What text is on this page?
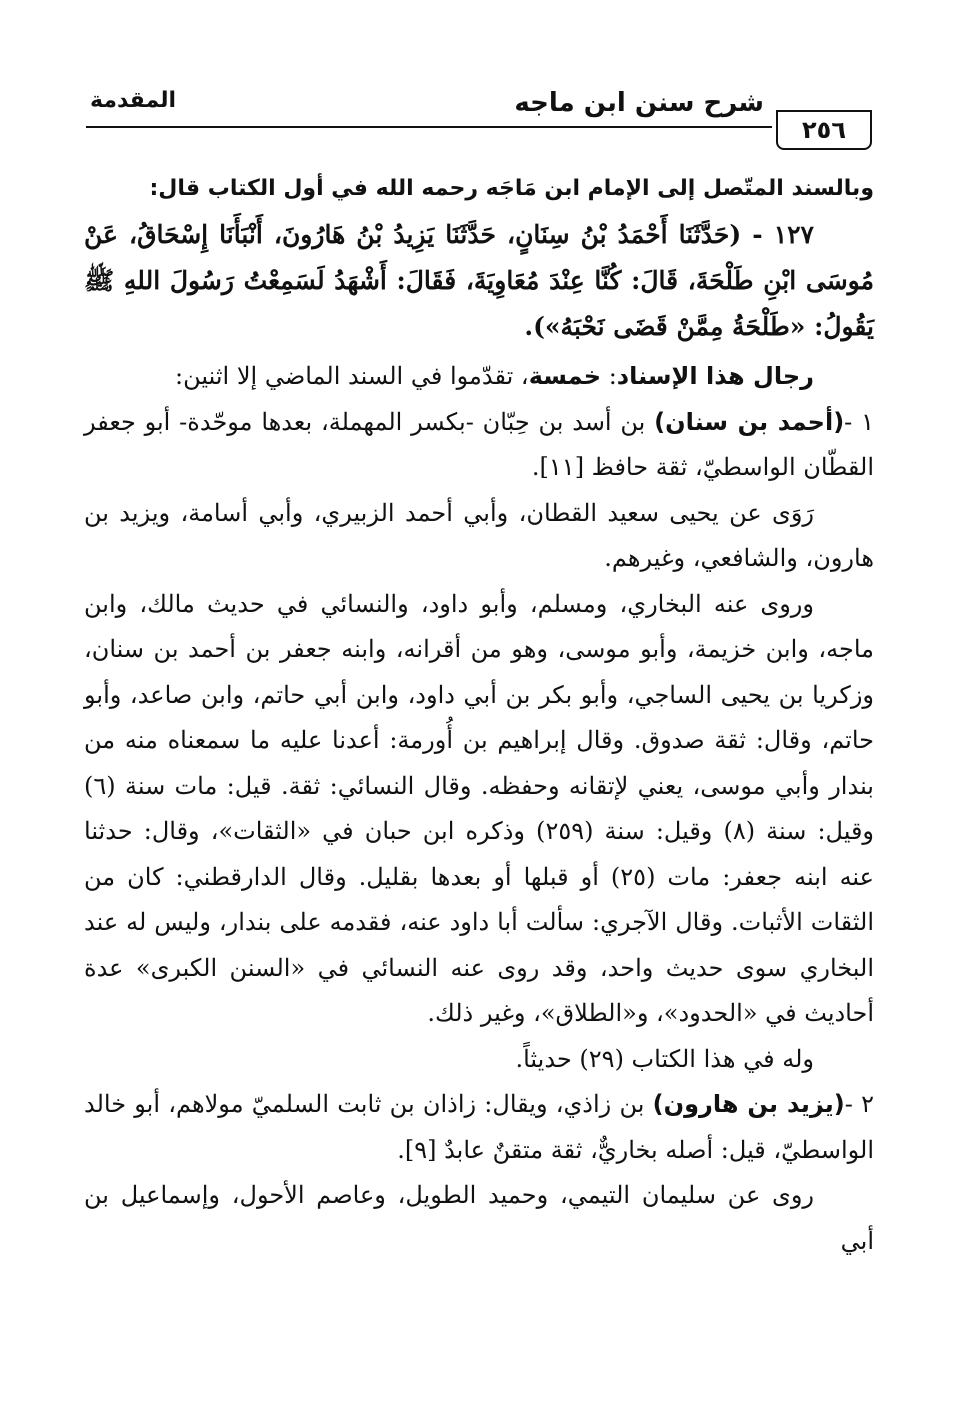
المقدمة	شرح سنن ابن ماجه
٢٥٦

وبالسند المتّصل إلى الإمام ابن مَاجَه رحمه الله في أول الكتاب قال:

١٢٧ - (حَدَّثَنَا أَحْمَدُ بْنُ سِنَانٍ، حَدَّثَنَا يَزِيدُ بْنُ هَارُونَ، أَنْبَأَنَا إِسْحَاقُ، عَنْ مُوسَى ابْنِ طَلْحَةَ، قَالَ: كُنَّا عِنْدَ مُعَاوِيَةَ، فَقَالَ: أَشْهَدُ لَسَمِعْتُ رَسُولَ اللهِ ﷺ يَقُولُ: «طَلْحَةُ مِمَّنْ قَضَى نَحْبَهُ»).

رجال هذا الإسناد: خمسة، تقدّموا في السند الماضي إلا اثنين:

١ -(أحمد بن سنان) بن أسد بن حِبّان -بكسر المهملة، بعدها موحّدة- أبو جعفر القطّان الواسطيّ، ثقة حافظ [١١].

رَوَى عن يحيى سعيد القطان، وأبي أحمد الزبيري، وأبي أسامة، ويزيد بن هارون، والشافعي، وغيرهم.

وروى عنه البخاري، ومسلم، وأبو داود، والنسائي في حديث مالك، وابن ماجه، وابن خزيمة، وأبو موسى، وهو من أقرانه، وابنه جعفر بن أحمد بن سنان، وزكريا بن يحيى الساجي، وأبو بكر بن أبي داود، وابن أبي حاتم، وابن صاعد، وأبو حاتم، وقال: ثقة صدوق. وقال إبراهيم بن أُورمة: أعدنا عليه ما سمعناه منه من بندار وأبي موسى، يعني لإتقانه وحفظه. وقال النسائي: ثقة. قيل: مات سنة (٦) وقيل: سنة (٨) وقيل: سنة (٢٥٩) وذكره ابن حبان في «الثقات»، وقال: حدثنا عنه ابنه جعفر: مات (٢٥) أو قبلها أو بعدها بقليل. وقال الدارقطني: كان من الثقات الأثبات. وقال الآجري: سألت أبا داود عنه، فقدمه على بندار، وليس له عند البخاري سوى حديث واحد، وقد روى عنه النسائي في «السنن الكبرى» عدة أحاديث في «الحدود»، و«الطلاق»، وغير ذلك.

وله في هذا الكتاب (٢٩) حديثاً.

٢ -(يزيد بن هارون) بن زاذي، ويقال: زاذان بن ثابت السلميّ مولاهم، أبو خالد الواسطيّ، قيل: أصله بخاريٌّ، ثقة متقنٌ عابدٌ [٩].

روى عن سليمان التيمي، وحميد الطويل، وعاصم الأحول، وإسماعيل بن أبي
